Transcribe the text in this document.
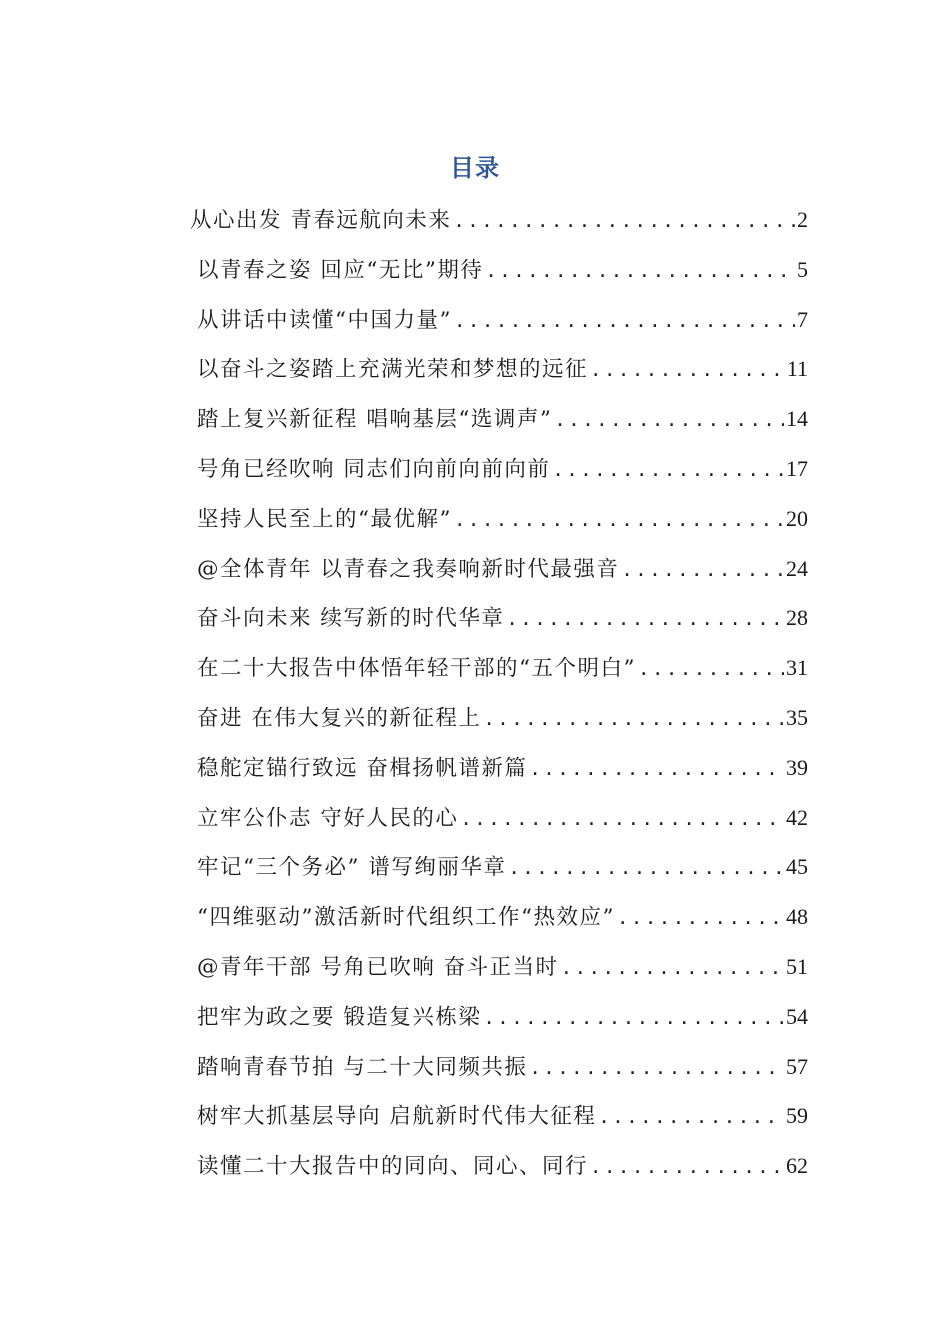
目录
从心出发 青春远航向未来 .....	2
以青春之姿 回应“无比”期待 .....	5
从讲话中读懂“中国力量” .....	7
以奋斗之姿踏上充满光荣和梦想的远征 .....	11
踏上复兴新征程 唱响基层“选调声” .....	14
号角已经吹响 同志们向前向前向前 .....	17
坚持人民至上的“最优解” .....	20
@全体青年 以青春之我奏响新时代最强音 .....	24
奋斗向未来 续写新的时代华章 .....	28
在二十大报告中体悟年轻干部的“五个明白” .....	31
奋进 在伟大复兴的新征程上 .....	35
稳舵定锚行致远 奋楫扬帆谱新篇 .....	39
立牢公仆志 守好人民的心 .....	42
牢记“三个务必” 谱写绚丽华章 .....	45
“四维驱动”激活新时代组织工作“热效应” .....	48
@青年干部 号角已吹响 奋斗正当时 .....	51
把牢为政之要 锻造复兴栋梁 .....	54
踏响青春节拍 与二十大同频共振 .....	57
树牢大抓基层导向 启航新时代伟大征程 .....	59
读懂二十大报告中的同向、同心、同行 .....	62
